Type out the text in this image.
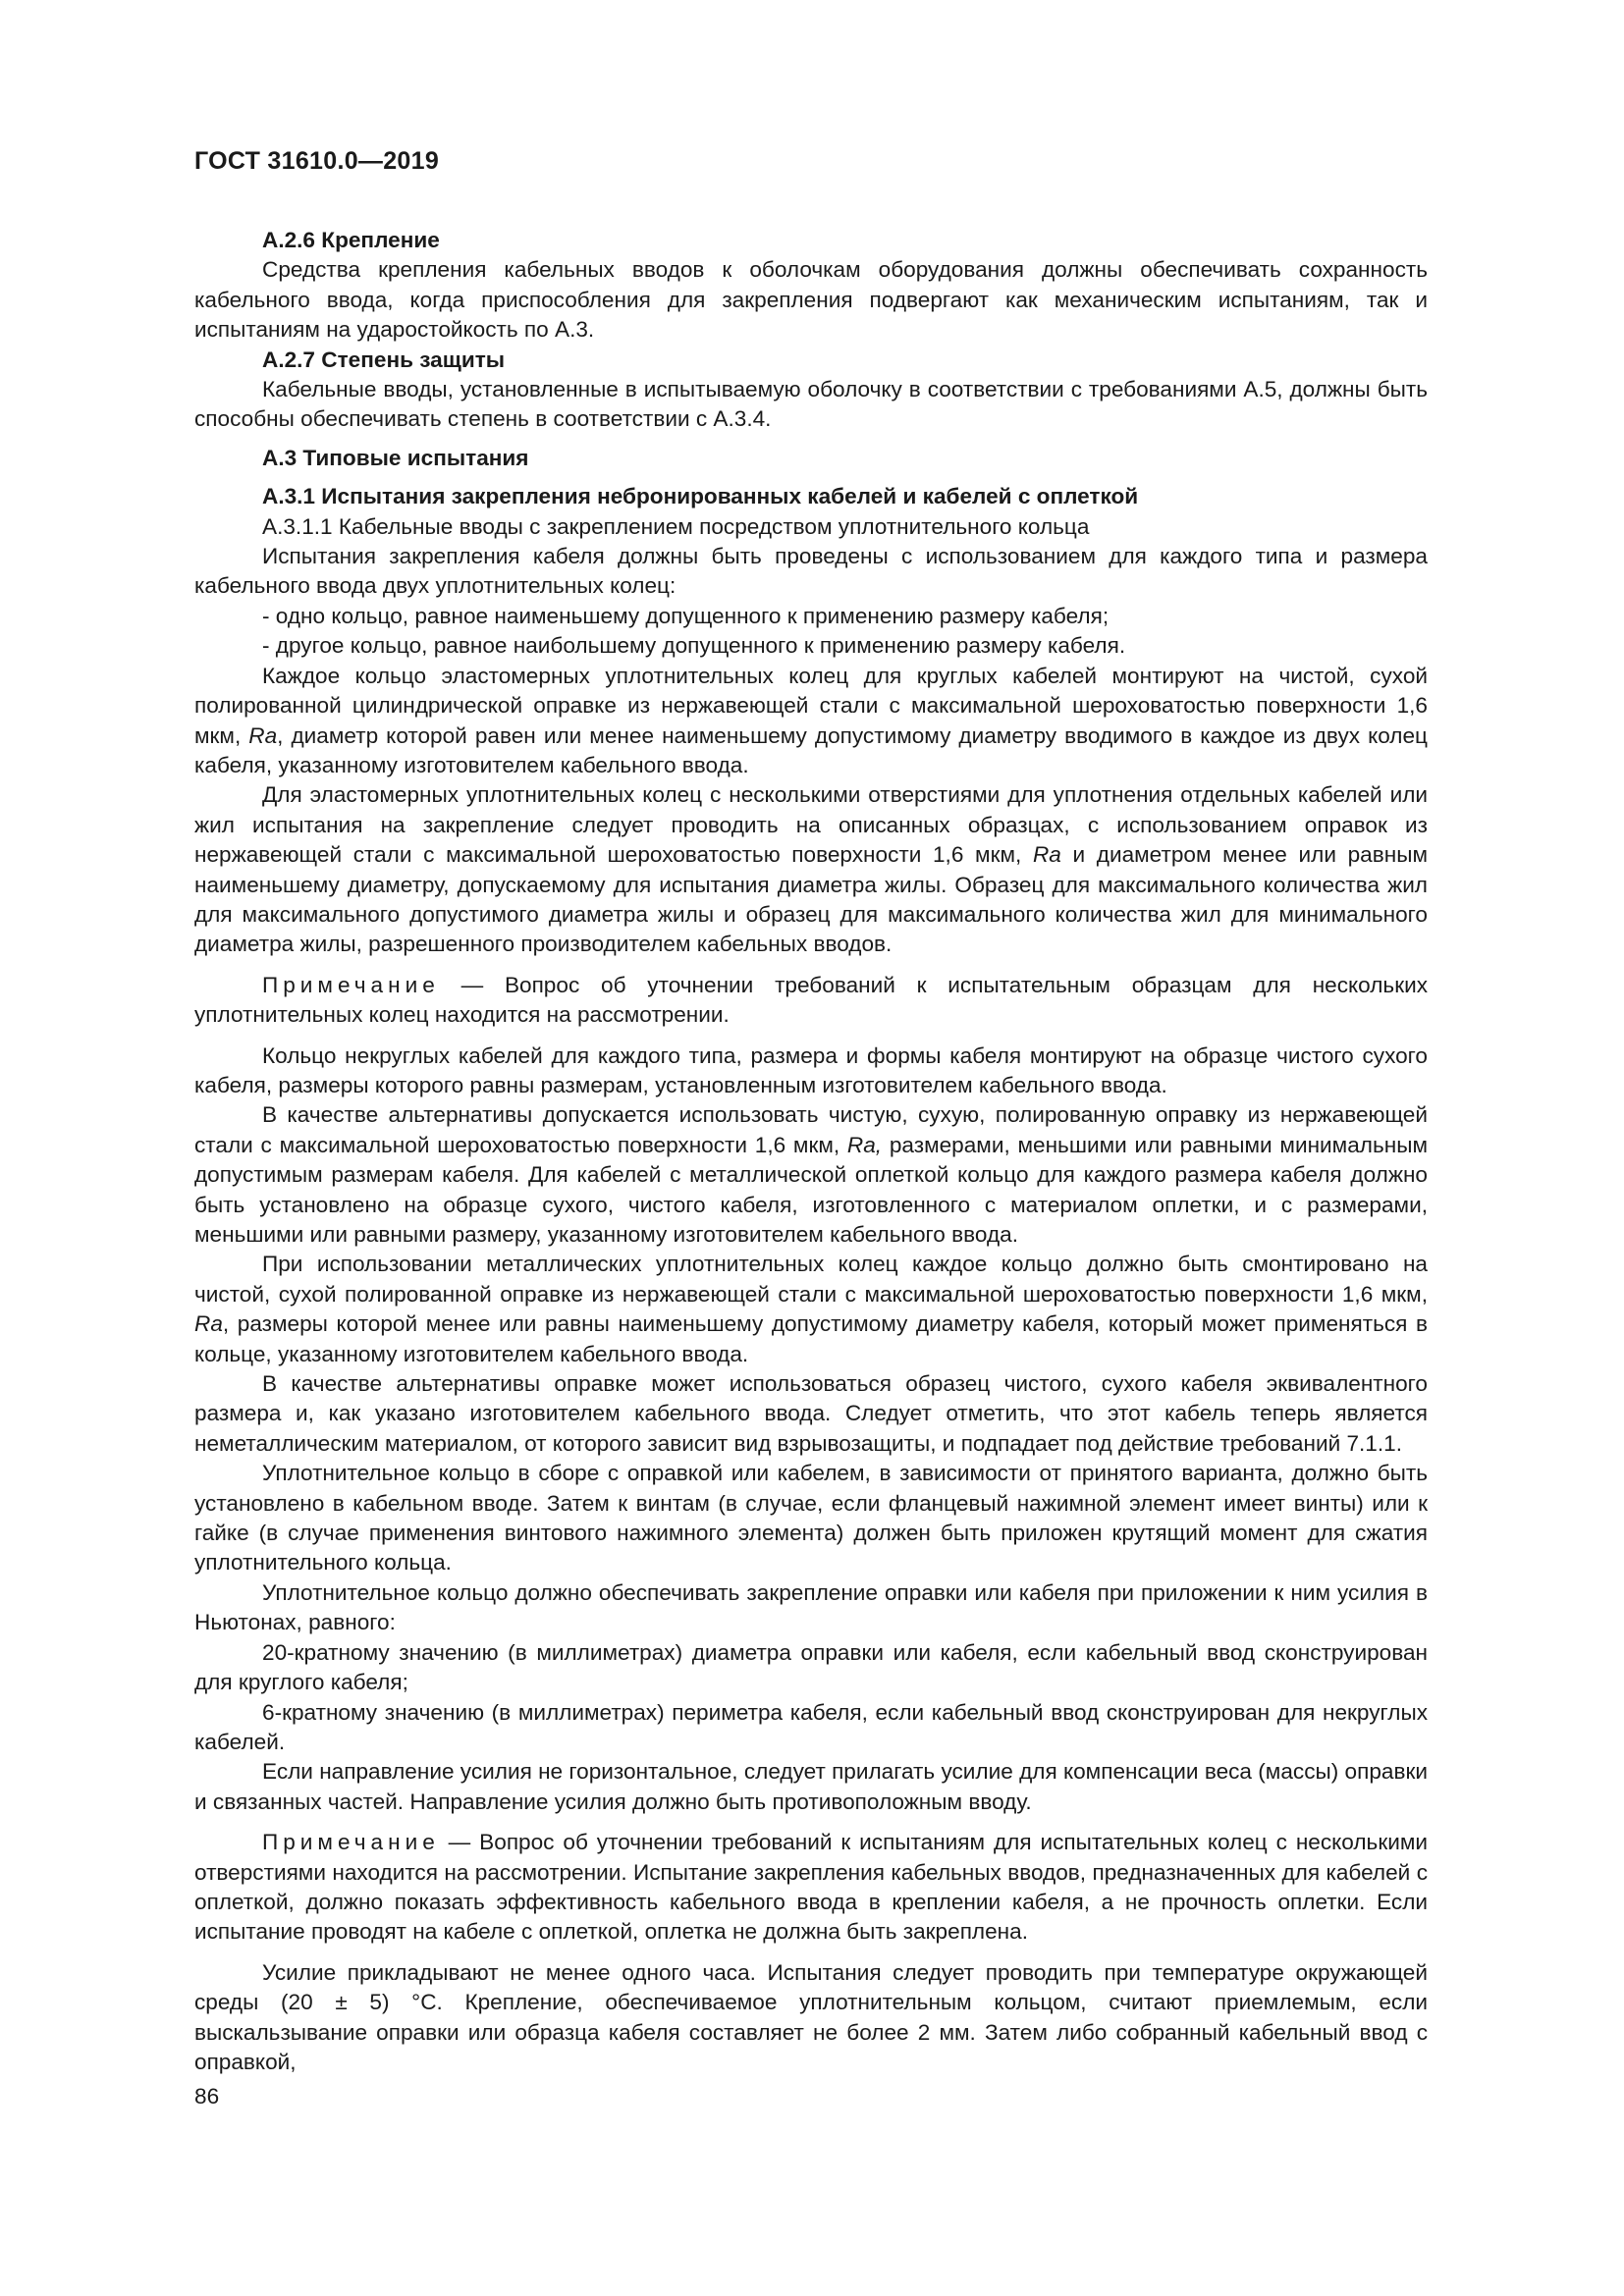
ГОСТ 31610.0—2019

A.2.6 Крепление

Средства крепления кабельных вводов к оболочкам оборудования должны обеспечивать сохранность кабельного ввода, когда приспособления для закрепления подвергают как механическим испытаниям, так и испытаниям на ударостойкость по А.3.

А.2.7 Степень защиты

Кабельные вводы, установленные в испытываемую оболочку в соответствии с требованиями А.5, должны быть способны обеспечивать степень в соответствии с А.3.4.

А.3 Типовые испытания

А.3.1 Испытания закрепления небронированных кабелей и кабелей с оплеткой

А.3.1.1 Кабельные вводы с закреплением посредством уплотнительного кольца

Испытания закрепления кабеля должны быть проведены с использованием для каждого типа и размера кабельного ввода двух уплотнительных колец:

- одно кольцо, равное наименьшему допущенного к применению размеру кабеля;

- другое кольцо, равное наибольшему допущенного к применению размеру кабеля.

Каждое кольцо эластомерных уплотнительных колец для круглых кабелей монтируют на чистой, сухой полированной цилиндрической оправке из нержавеющей стали с максимальной шероховатостью поверхности 1,6 мкм, Ra, диаметр которой равен или менее наименьшему допустимому диаметру вводимого в каждое из двух колец кабеля, указанному изготовителем кабельного ввода.

Для эластомерных уплотнительных колец с несколькими отверстиями для уплотнения отдельных кабелей или жил испытания на закрепление следует проводить на описанных образцах, с использованием оправок из нержавеющей стали с максимальной шероховатостью поверхности 1,6 мкм, Ra и диаметром менее или равным наименьшему диаметру, допускаемому для испытания диаметра жилы. Образец для максимального количества жил для максимального допустимого диаметра жилы и образец для максимального количества жил для минимального диаметра жилы, разрешенного производителем кабельных вводов.

Примечание — Вопрос об уточнении требований к испытательным образцам для нескольких уплотнительных колец находится на рассмотрении.

Кольцо некруглых кабелей для каждого типа, размера и формы кабеля монтируют на образце чистого сухого кабеля, размеры которого равны размерам, установленным изготовителем кабельного ввода.

В качестве альтернативы допускается использовать чистую, сухую, полированную оправку из нержавеющей стали с максимальной шероховатостью поверхности 1,6 мкм, Ra, размерами, меньшими или равными минимальным допустимым размерам кабеля. Для кабелей с металлической оплеткой кольцо для каждого размера кабеля должно быть установлено на образце сухого, чистого кабеля, изготовленного с материалом оплетки, и с размерами, меньшими или равными размеру, указанному изготовителем кабельного ввода.

При использовании металлических уплотнительных колец каждое кольцо должно быть смонтировано на чистой, сухой полированной оправке из нержавеющей стали с максимальной шероховатостью поверхности 1,6 мкм, Ra, размеры которой менее или равны наименьшему допустимому диаметру кабеля, который может применяться в кольце, указанному изготовителем кабельного ввода.

В качестве альтернативы оправке может использоваться образец чистого, сухого кабеля эквивалентного размера и, как указано изготовителем кабельного ввода. Следует отметить, что этот кабель теперь является неметаллическим материалом, от которого зависит вид взрывозащиты, и подпадает под действие требований 7.1.1.

Уплотнительное кольцо в сборе с оправкой или кабелем, в зависимости от принятого варианта, должно быть установлено в кабельном вводе. Затем к винтам (в случае, если фланцевый нажимной элемент имеет винты) или к гайке (в случае применения винтового нажимного элемента) должен быть приложен крутящий момент для сжатия уплотнительного кольца.

Уплотнительное кольцо должно обеспечивать закрепление оправки или кабеля при приложении к ним усилия в Ньютонах, равного:

20-кратному значению (в миллиметрах) диаметра оправки или кабеля, если кабельный ввод сконструирован для круглого кабеля;

6-кратному значению (в миллиметрах) периметра кабеля, если кабельный ввод сконструирован для некруглых кабелей.

Если направление усилия не горизонтальное, следует прилагать усилие для компенсации веса (массы) оправки и связанных частей. Направление усилия должно быть противоположным вводу.

Примечание — Вопрос об уточнении требований к испытаниям для испытательных колец с несколькими отверстиями находится на рассмотрении. Испытание закрепления кабельных вводов, предназначенных для кабелей с оплеткой, должно показать эффективность кабельного ввода в креплении кабеля, а не прочность оплетки. Если испытание проводят на кабеле с оплеткой, оплетка не должна быть закреплена.

Усилие прикладывают не менее одного часа. Испытания следует проводить при температуре окружающей среды (20 ± 5) °С. Крепление, обеспечиваемое уплотнительным кольцом, считают приемлемым, если выскальзывание оправки или образца кабеля составляет не более 2 мм. Затем либо собранный кабельный ввод с оправкой,

86
